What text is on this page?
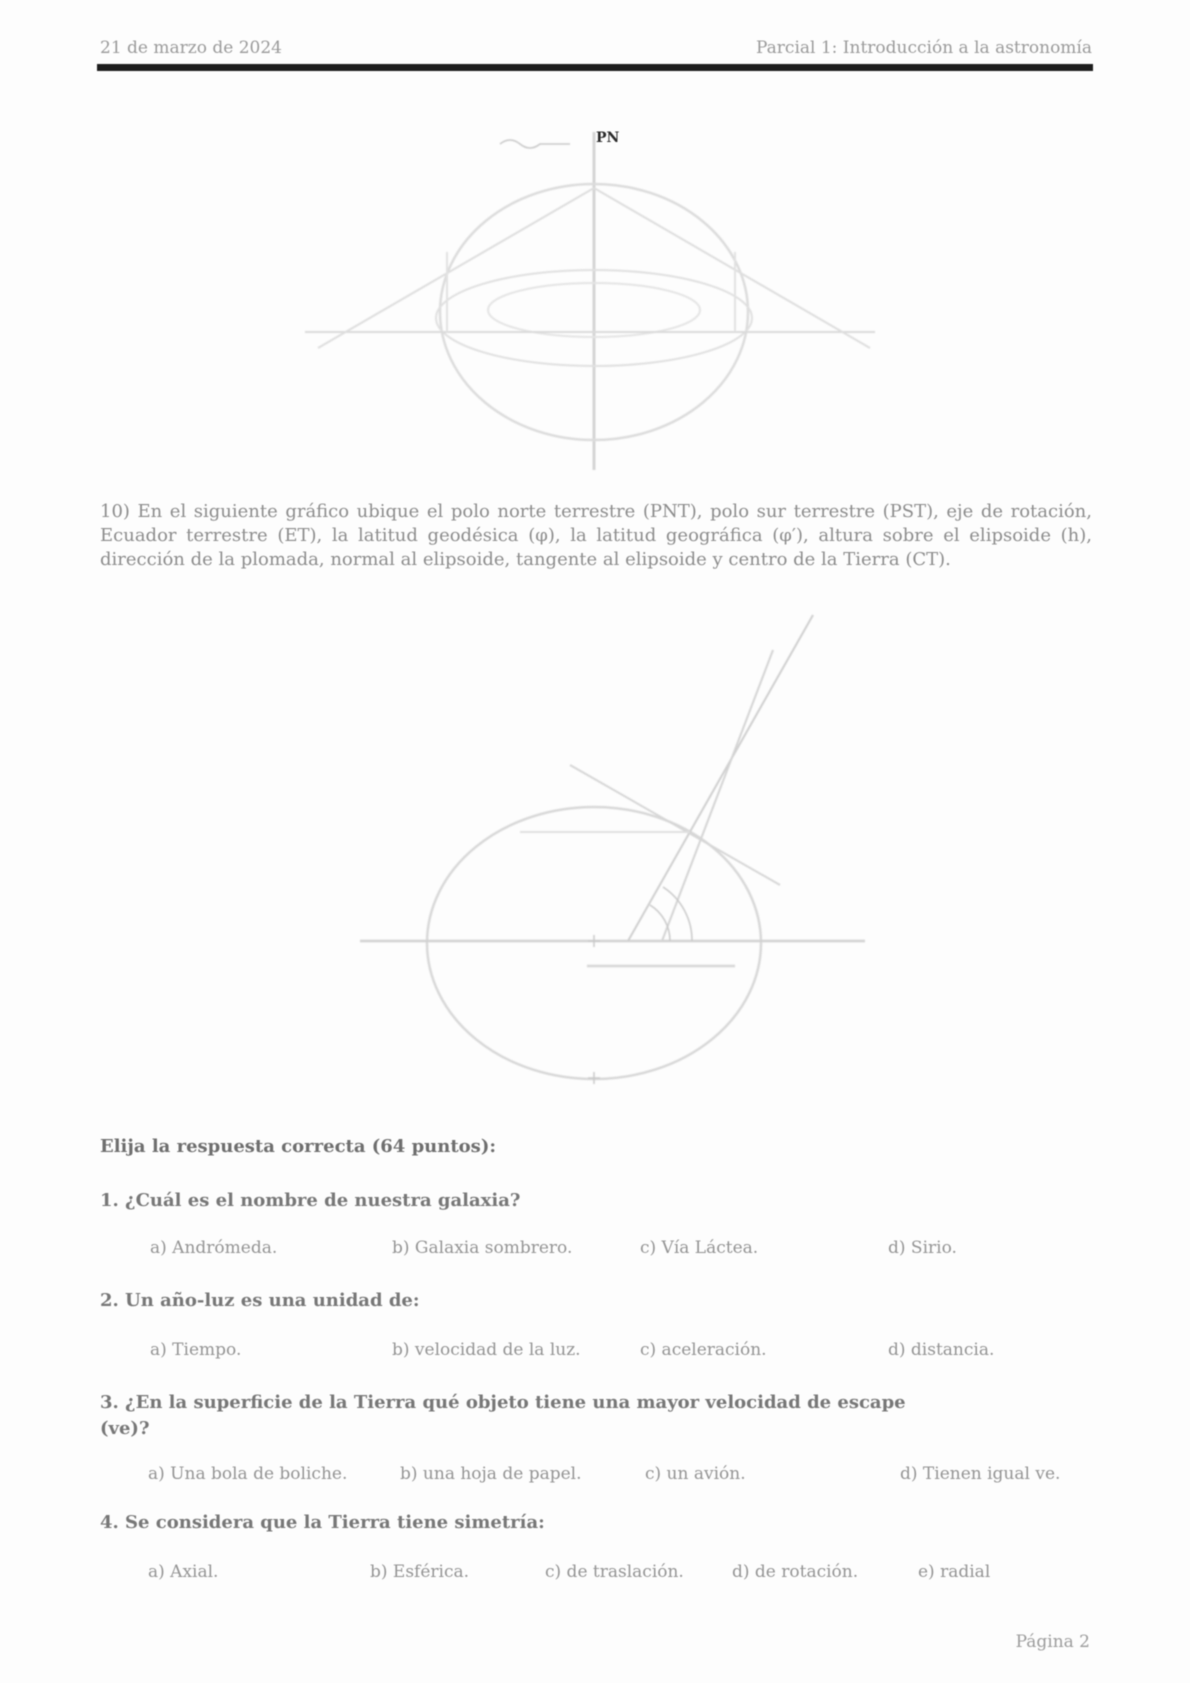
21 de marzo de 2024	Parcial 1: Introducción a la astronomía
PN
10) En el siguiente gráfico ubique el polo norte terrestre (PNT), polo sur terrestre (PST), eje de rotación, Ecuador terrestre (ET), la latitud geodésica (φ), la latitud geográfica (φ′), altura sobre el elipsoide (h), dirección de la plomada, normal al elipsoide, tangente al elipsoide y centro de la Tierra (CT).
Elija la respuesta correcta (64 puntos):
1. ¿Cuál es el nombre de nuestra galaxia?
a) Andrómeda.	b) Galaxia sombrero.	c) Vía Láctea.	d) Sirio.
2. Un año-luz es una unidad de:
a) Tiempo.	b) velocidad de la luz.	c) aceleración.	d) distancia.
3. ¿En la superficie de la Tierra qué objeto tiene una mayor velocidad de escape
(ve)?
a) Una bola de boliche.	b) una hoja de papel.	c) un avión.	d) Tienen igual ve.
4. Se considera que la Tierra tiene simetría:
a) Axial.	b) Esférica.	c) de traslación.	d) de rotación.	e) radial
Página 2
